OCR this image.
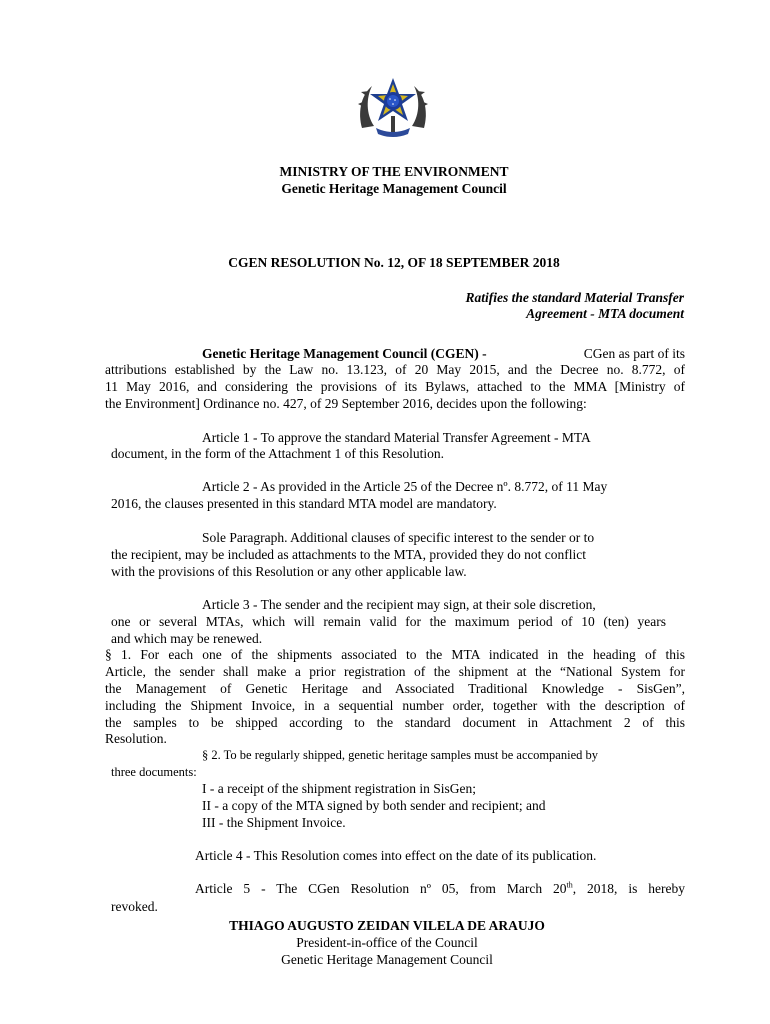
MINISTRY OF THE ENVIRONMENT
Genetic Heritage Management Council
CGEN RESOLUTION No. 12, OF 18 SEPTEMBER 2018
Ratifies the standard Material Transfer
Agreement - MTA document
Genetic Heritage Management Council (CGEN) -	CGen as part of its
attributions established by the Law no. 13.123, of 20 May 2015, and the Decree no. 8.772, of
11 May 2016, and considering the provisions of its Bylaws, attached to the MMA [Ministry of
the Environment] Ordinance no. 427, of 29 September 2016, decides upon the following:
Article 1 - To approve the standard Material Transfer Agreement - MTA
document, in the form of the Attachment 1 of this Resolution.
Article 2 - As provided in the Article 25 of the Decree nº. 8.772, of 11 May
2016, the clauses presented in this standard MTA model are mandatory.
Sole Paragraph. Additional clauses of specific interest to the sender or to
the recipient, may be included as attachments to the MTA, provided they do not conflict
with the provisions of this Resolution or any other applicable law.
Article 3 - The sender and the recipient may sign, at their sole discretion,
one or several MTAs, which will remain valid for the maximum period of 10 (ten) years
and which may be renewed.
§ 1. For each one of the shipments associated to the MTA indicated in the heading of this
Article, the sender shall make a prior registration of the shipment at the “National System for
the Management of Genetic Heritage and Associated Traditional Knowledge - SisGen”,
including the Shipment Invoice, in a sequential number order, together with the description of
the samples to be shipped according to the standard document in Attachment 2 of this
Resolution.
§ 2. To be regularly shipped, genetic heritage samples must be accompanied by
three documents:
I - a receipt of the shipment registration in SisGen;
II - a copy of the MTA signed by both sender and recipient; and
III - the Shipment Invoice.
Article 4 - This Resolution comes into effect on the date of its publication.
Article 5 - The CGen Resolution nº 05, from March 20th, 2018, is hereby
revoked.
THIAGO AUGUSTO ZEIDAN VILELA DE ARAUJO
President-in-office of the Council
Genetic Heritage Management Council
